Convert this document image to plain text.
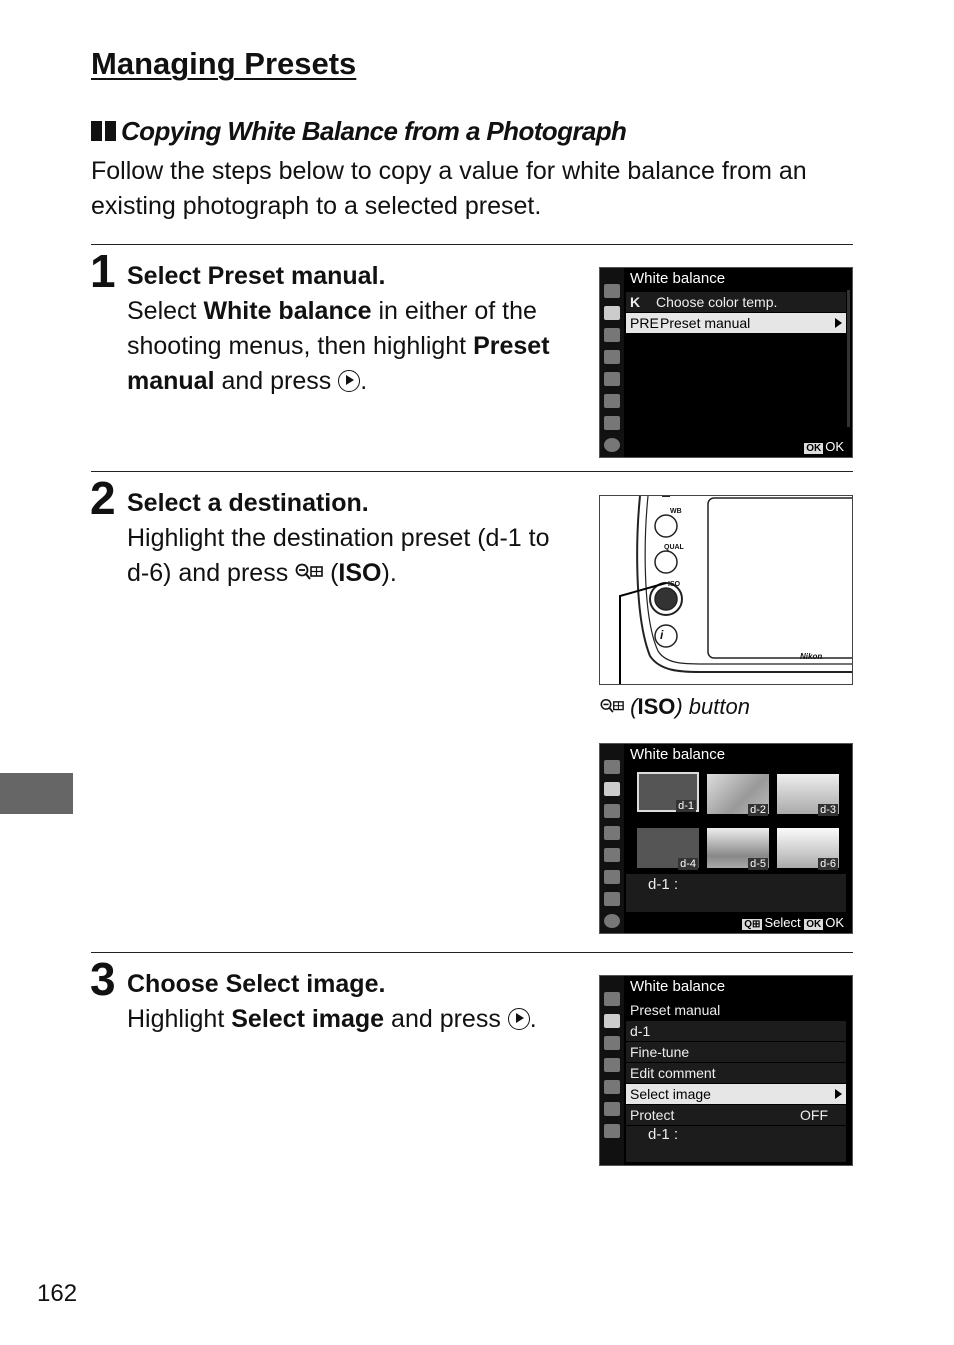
Managing Presets
Copying White Balance from a Photograph
Follow the steps below to copy a value for white balance from an existing photograph to a selected preset.
1 Select Preset manual.
Select White balance in either of the shooting menus, then highlight Preset manual and press .
White balance
K Choose color temp.
PREPreset manual
OK OK
2 Select a destination.
Highlight the destination preset (d-1 to d-6) and press  (ISO).
WB
QUAL
ISO
i
Nikon
(ISO) button
White balance
d-1	d-2	d-3
d-4	d-5	d-6
d-1 :
Q⊞ Select OK OK
3 Choose Select image.
Highlight Select image and press .
White balance
Preset manual
d-1
Fine-tune
Edit comment
Select image
Protect	OFF
d-1 :
162
